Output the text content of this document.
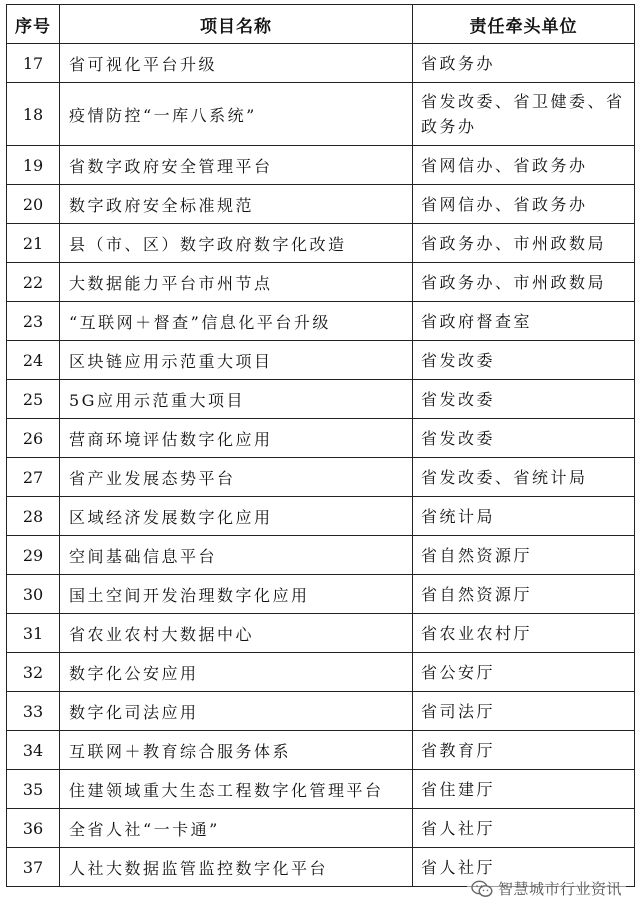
序号	项目名称	责任牵头单位
17	省可视化平台升级	省政务办
18	疫情防控“一库八系统”	省发改委、省卫健委、省政务办
19	省数字政府安全管理平台	省网信办、省政务办
20	数字政府安全标准规范	省网信办、省政务办
21	县（市、区）数字政府数字化改造	省政务办、市州政数局
22	大数据能力平台市州节点	省政务办、市州政数局
23	“互联网＋督查”信息化平台升级	省政府督查室
24	区块链应用示范重大项目	省发改委
25	5G应用示范重大项目	省发改委
26	营商环境评估数字化应用	省发改委
27	省产业发展态势平台	省发改委、省统计局
28	区域经济发展数字化应用	省统计局
29	空间基础信息平台	省自然资源厅
30	国土空间开发治理数字化应用	省自然资源厅
31	省农业农村大数据中心	省农业农村厅
32	数字化公安应用	省公安厅
33	数字化司法应用	省司法厅
34	互联网＋教育综合服务体系	省教育厅
35	住建领域重大生态工程数字化管理平台	省住建厅
36	全省人社“一卡通”	省人社厅
37	人社大数据监管监控数字化平台	省人社厅
智慧城市行业资讯
